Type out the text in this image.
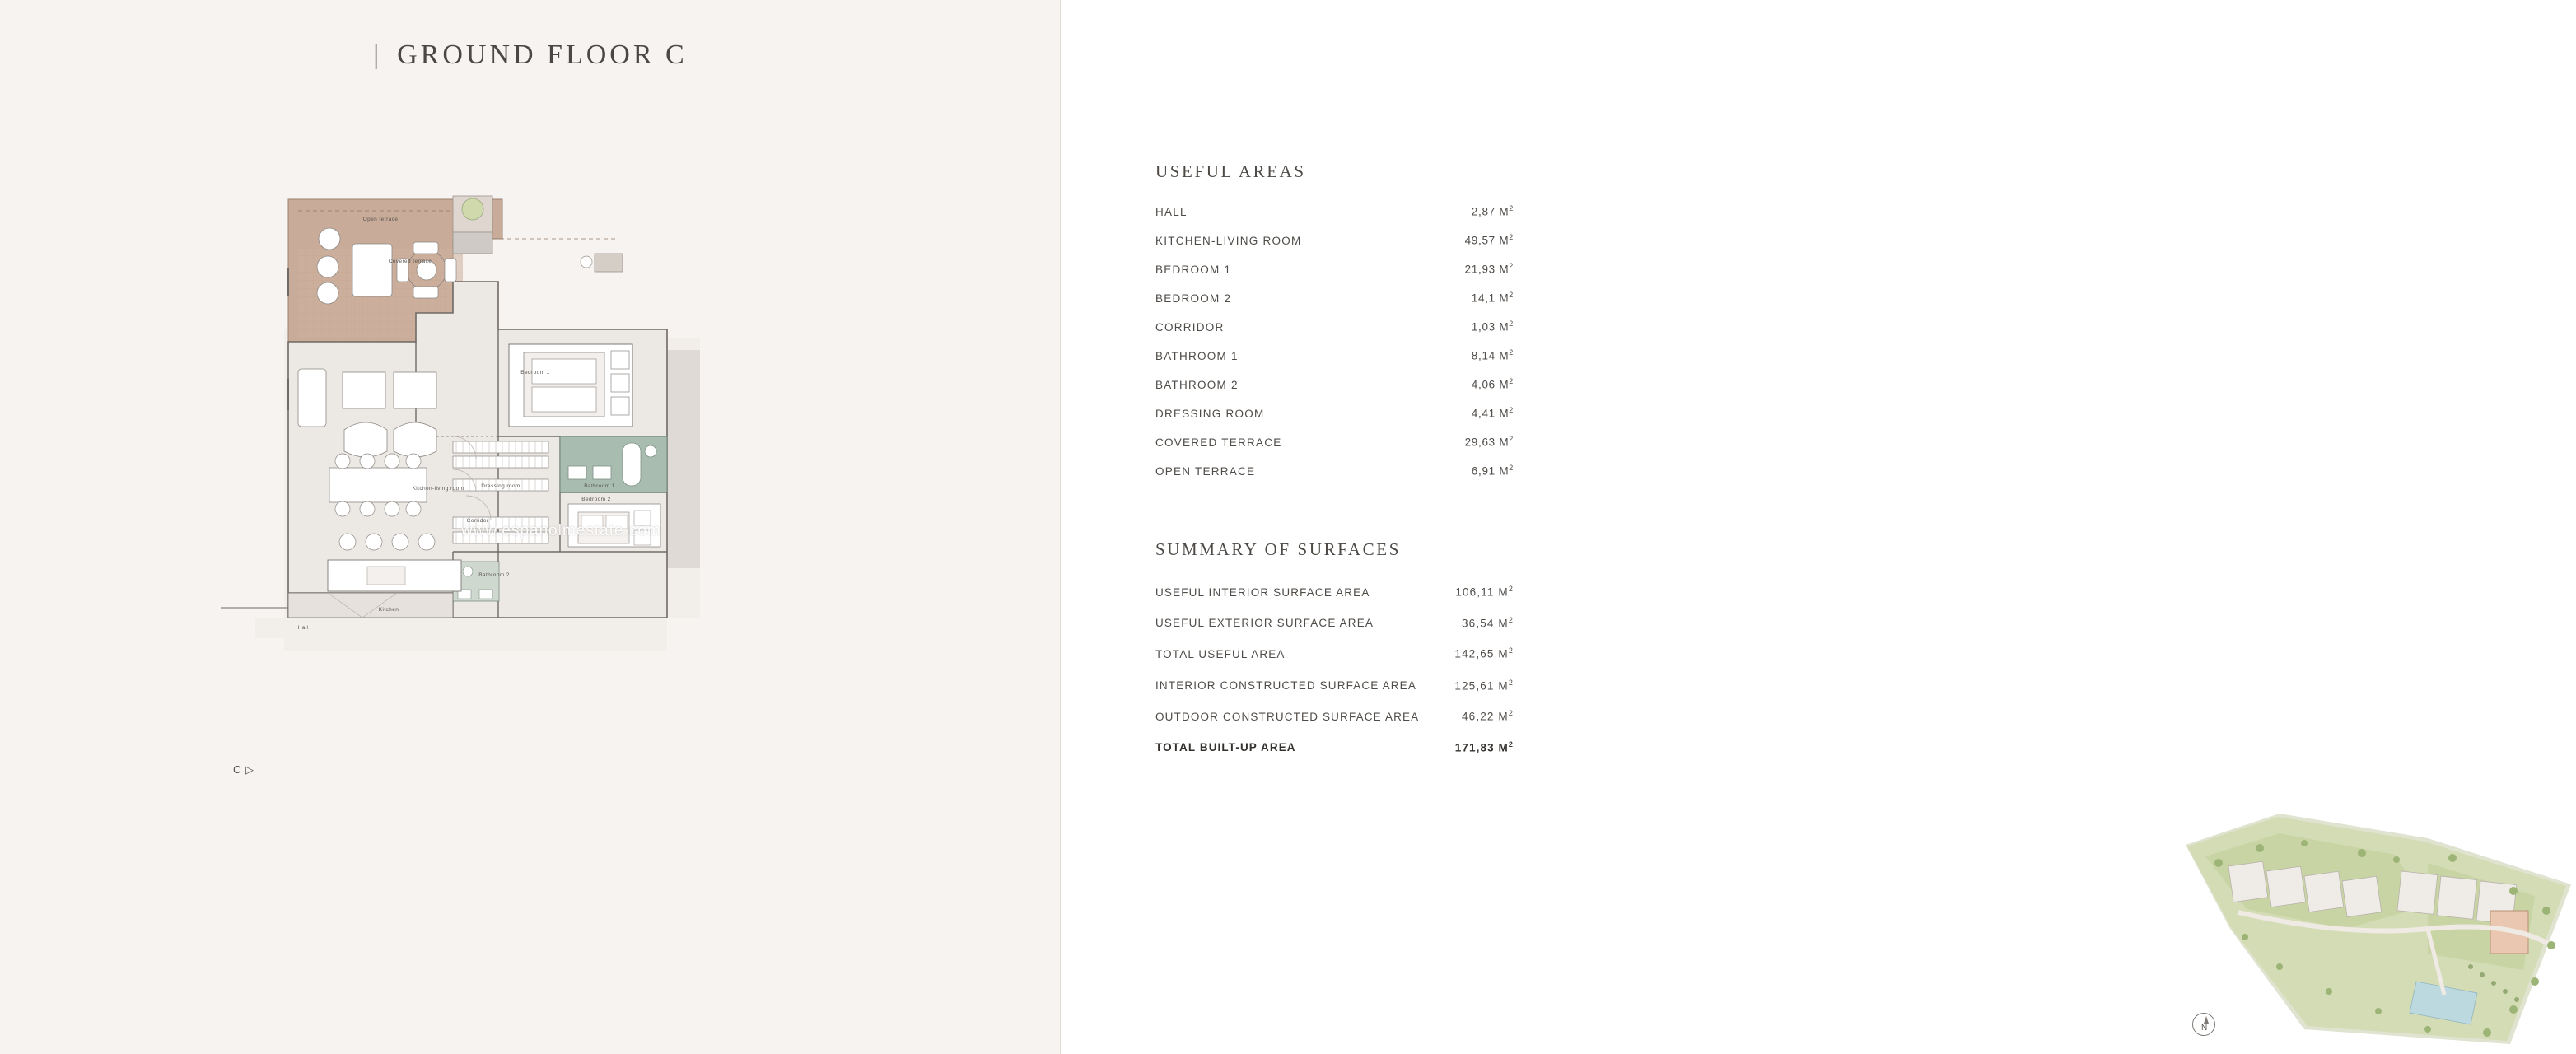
| GROUND FLOOR C
Open terrace
Covered terrace
Bedroom 1
Kitchen-living room	Dressing room	Bathroom 1
Corridor
Bedroom 2
Bathroom 2
Kitchen
Hall
www.espanolmestate.com
C ▷
USEFUL AREAS
HALL	2,87 $M^2$
KITCHEN-LIVING ROOM	49,57 $M^2$
BEDROOM 1	21,93 $M^2$
BEDROOM 2	14,1 $M^2$
CORRIDOR	1,03 $M^2$
BATHROOM 1	8,14 $M^2$
BATHROOM 2	4,06 $M^2$
DRESSING ROOM	4,41 $M^2$
COVERED TERRACE	29,63 $M^2$
OPEN TERRACE	6,91 $M^2$
SUMMARY OF SURFACES
USEFUL INTERIOR SURFACE AREA	106,11 $M^2$
USEFUL EXTERIOR SURFACE AREA	36,54 $M^2$
TOTAL USEFUL AREA	142,65 $M^2$
INTERIOR CONSTRUCTED SURFACE AREA	125,61 $M^2$
OUTDOOR CONSTRUCTED SURFACE AREA	46,22 $M^2$
TOTAL BUILT-UP AREA	171,83 $M^2$
N
